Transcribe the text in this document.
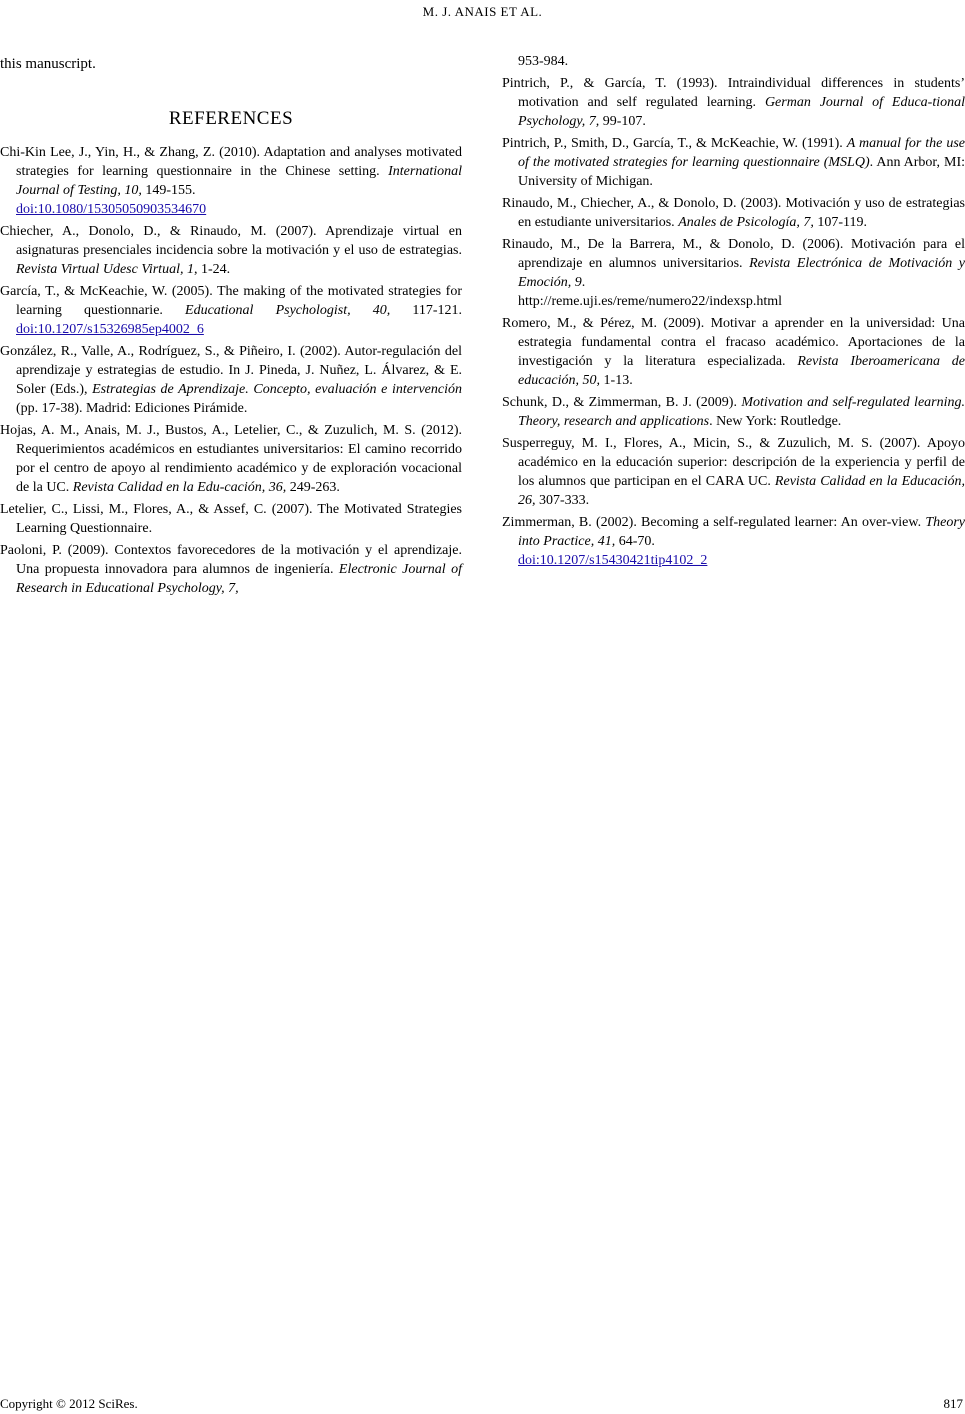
M. J. ANAIS ET AL.
this manuscript.
REFERENCES

Chi-Kin Lee, J., Yin, H., & Zhang, Z. (2010). Adaptation and analyses motivated strategies for learning questionnaire in the Chinese setting. International Journal of Testing, 10, 149-155.
doi:10.1080/15305050903534670

Chiecher, A., Donolo, D., & Rinaudo, M. (2007). Aprendizaje virtual en asignaturas presenciales incidencia sobre la motivación y el uso de estrategias. Revista Virtual Udesc Virtual, 1, 1-24.

García, T., & McKeachie, W. (2005). The making of the motivated strategies for learning questionnarie. Educational Psychologist, 40, 117-121. doi:10.1207/s15326985ep4002_6

González, R., Valle, A., Rodríguez, S., & Piñeiro, I. (2002). Autor-regulación del aprendizaje y estrategias de estudio. In J. Pineda, J. Nuñez, L. Álvarez, & E. Soler (Eds.), Estrategias de Aprendizaje. Concepto, evaluación e intervención (pp. 17-38). Madrid: Ediciones Pirámide.

Hojas, A. M., Anais, M. J., Bustos, A., Letelier, C., & Zuzulich, M. S. (2012). Requerimientos académicos en estudiantes universitarios: El camino recorrido por el centro de apoyo al rendimiento académico y de exploración vocacional de la UC. Revista Calidad en la Edu-cación, 36, 249-263.

Letelier, C., Lissi, M., Flores, A., & Assef, C. (2007). The Motivated Strategies Learning Questionnaire.

Paoloni, P. (2009). Contextos favorecedores de la motivación y el aprendizaje. Una propuesta innovadora para alumnos de ingeniería. Electronic Journal of Research in Educational Psychology, 7,

953-984.

Pintrich, P., & García, T. (1993). Intraindividual differences in students’ motivation and self regulated learning. German Journal of Educa-tional Psychology, 7, 99-107.

Pintrich, P., Smith, D., García, T., & McKeachie, W. (1991). A manual for the use of the motivated strategies for learning questionnaire (MSLQ). Ann Arbor, MI: University of Michigan.

Rinaudo, M., Chiecher, A., & Donolo, D. (2003). Motivación y uso de estrategias en estudiante universitarios. Anales de Psicología, 7, 107-119.

Rinaudo, M., De la Barrera, M., & Donolo, D. (2006). Motivación para el aprendizaje en alumnos universitarios. Revista Electrónica de Motivación y Emoción, 9.
http://reme.uji.es/reme/numero22/indexsp.html

Romero, M., & Pérez, M. (2009). Motivar a aprender en la universidad: Una estrategia fundamental contra el fracaso académico. Aportaciones de la investigación y la literatura especializada. Revista Iberoamericana de educación, 50, 1-13.

Schunk, D., & Zimmerman, B. J. (2009). Motivation and self-regulated learning. Theory, research and applications. New York: Routledge.

Susperreguy, M. I., Flores, A., Micin, S., & Zuzulich, M. S. (2007). Apoyo académico en la educación superior: descripción de la experiencia y perfil de los alumnos que participan en el CARA UC. Revista Calidad en la Educación, 26, 307-333.

Zimmerman, B. (2002). Becoming a self-regulated learner: An over-view. Theory into Practice, 41, 64-70.
doi:10.1207/s15430421tip4102_2

Copyright © 2012 SciRes.	817
